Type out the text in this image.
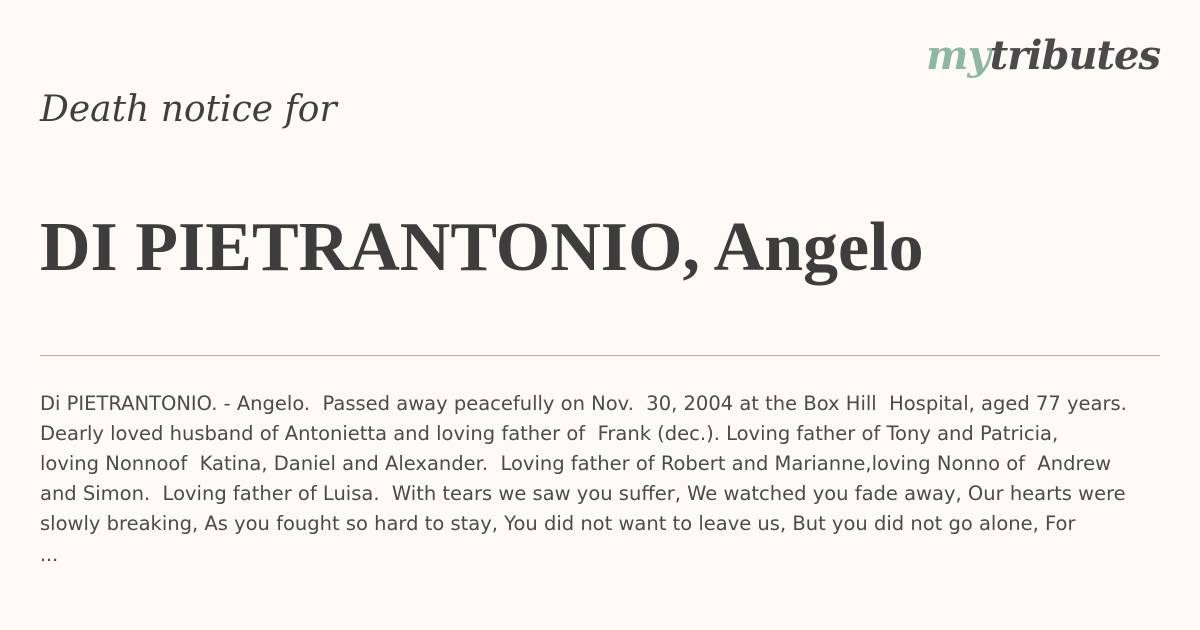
mytributes
Death notice for
DI PIETRANTONIO, Angelo

Di PIETRANTONIO. - Angelo.  Passed away peacefully on Nov.  30, 2004 at the Box Hill  Hospital, aged 77 years.
Dearly loved husband of Antonietta and loving father of  Frank (dec.). Loving father of Tony and Patricia,
loving Nonnoof  Katina, Daniel and Alexander.  Loving father of Robert and Marianne,loving Nonno of  Andrew
and Simon.  Loving father of Luisa.  With tears we saw you suffer, We watched you fade away, Our hearts were
slowly breaking, As you fought so hard to stay, You did not want to leave us, But you did not go alone, For

...
